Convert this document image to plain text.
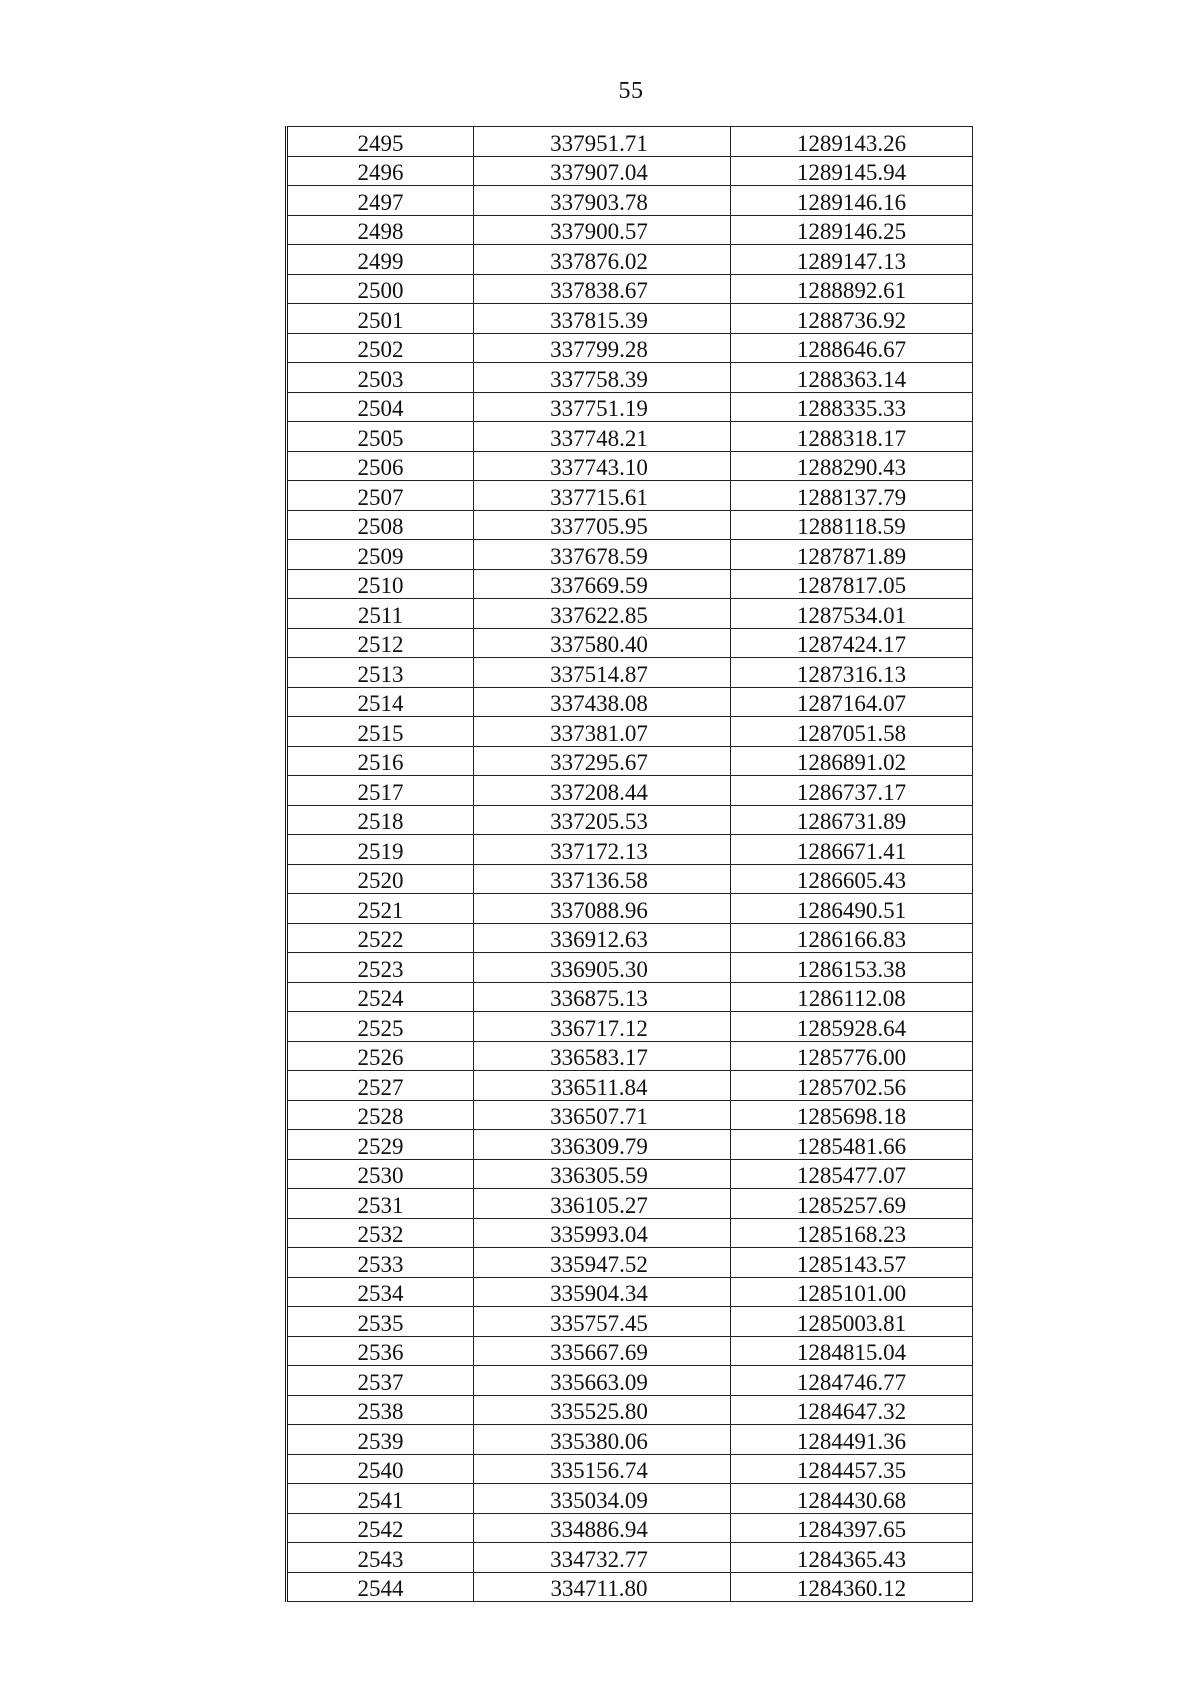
55
2495	337951.71	1289143.26
2496	337907.04	1289145.94
2497	337903.78	1289146.16
2498	337900.57	1289146.25
2499	337876.02	1289147.13
2500	337838.67	1288892.61
2501	337815.39	1288736.92
2502	337799.28	1288646.67
2503	337758.39	1288363.14
2504	337751.19	1288335.33
2505	337748.21	1288318.17
2506	337743.10	1288290.43
2507	337715.61	1288137.79
2508	337705.95	1288118.59
2509	337678.59	1287871.89
2510	337669.59	1287817.05
2511	337622.85	1287534.01
2512	337580.40	1287424.17
2513	337514.87	1287316.13
2514	337438.08	1287164.07
2515	337381.07	1287051.58
2516	337295.67	1286891.02
2517	337208.44	1286737.17
2518	337205.53	1286731.89
2519	337172.13	1286671.41
2520	337136.58	1286605.43
2521	337088.96	1286490.51
2522	336912.63	1286166.83
2523	336905.30	1286153.38
2524	336875.13	1286112.08
2525	336717.12	1285928.64
2526	336583.17	1285776.00
2527	336511.84	1285702.56
2528	336507.71	1285698.18
2529	336309.79	1285481.66
2530	336305.59	1285477.07
2531	336105.27	1285257.69
2532	335993.04	1285168.23
2533	335947.52	1285143.57
2534	335904.34	1285101.00
2535	335757.45	1285003.81
2536	335667.69	1284815.04
2537	335663.09	1284746.77
2538	335525.80	1284647.32
2539	335380.06	1284491.36
2540	335156.74	1284457.35
2541	335034.09	1284430.68
2542	334886.94	1284397.65
2543	334732.77	1284365.43
2544	334711.80	1284360.12
